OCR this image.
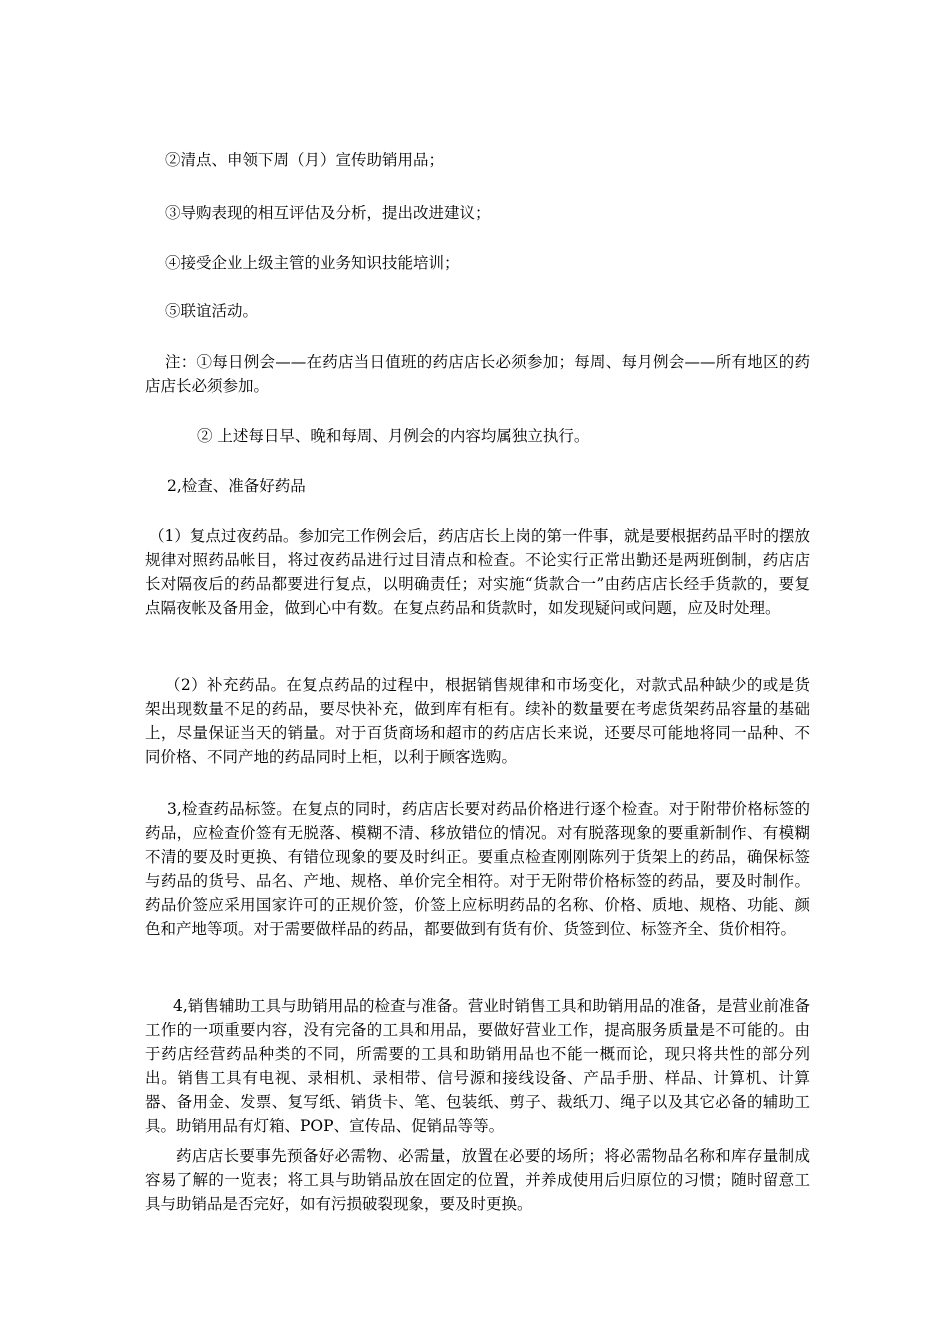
②清点、申领下周（月）宣传助销用品；

③导购表现的相互评估及分析，提出改进建议；

④接受企业上级主管的业务知识技能培训；

⑤联谊活动。

注：①每日例会——在药店当日值班的药店店长必须参加；每周、每月例会——所有地区的药店店长必须参加。

② 上述每日早、晚和每周、月例会的内容均属独立执行。

2,检查、准备好药品

（1）复点过夜药品。参加完工作例会后，药店店长上岗的第一件事，就是要根据药品平时的摆放规律对照药品帐目，将过夜药品进行过目清点和检查。不论实行正常出勤还是两班倒制，药店店长对隔夜后的药品都要进行复点，以明确责任；对实施“货款合一”由药店店长经手货款的，要复点隔夜帐及备用金，做到心中有数。在复点药品和货款时，如发现疑问或问题，应及时处理。

（2）补充药品。在复点药品的过程中，根据销售规律和市场变化，对款式品种缺少的或是货架出现数量不足的药品，要尽快补充，做到库有柜有。续补的数量要在考虑货架药品容量的基础上，尽量保证当天的销量。对于百货商场和超市的药店店长来说，还要尽可能地将同一品种、不同价格、不同产地的药品同时上柜，以利于顾客选购。

3,检查药品标签。在复点的同时，药店店长要对药品价格进行逐个检查。对于附带价格标签的药品，应检查价签有无脱落、模糊不清、移放错位的情况。对有脱落现象的要重新制作、有模糊不清的要及时更换、有错位现象的要及时纠正。要重点检查刚刚陈列于货架上的药品，确保标签与药品的货号、品名、产地、规格、单价完全相符。对于无附带价格标签的药品，要及时制作。药品价签应采用国家许可的正规价签，价签上应标明药品的名称、价格、质地、规格、功能、颜色和产地等项。对于需要做样品的药品，都要做到有货有价、货签到位、标签齐全、货价相符。

4,销售辅助工具与助销用品的检查与准备。营业时销售工具和助销用品的准备，是营业前准备工作的一项重要内容，没有完备的工具和用品，要做好营业工作，提高服务质量是不可能的。由于药店经营药品种类的不同，所需要的工具和助销用品也不能一概而论，现只将共性的部分列出。销售工具有电视、录相机、录相带、信号源和接线设备、产品手册、样品、计算机、计算器、备用金、发票、复写纸、销货卡、笔、包装纸、剪子、裁纸刀、绳子以及其它必备的辅助工具。助销用品有灯箱、POP、宣传品、促销品等等。

药店店长要事先预备好必需物、必需量，放置在必要的场所；将必需物品名称和库存量制成容易了解的一览表；将工具与助销品放在固定的位置，并养成使用后归原位的习惯；随时留意工具与助销品是否完好，如有污损破裂现象，要及时更换。
